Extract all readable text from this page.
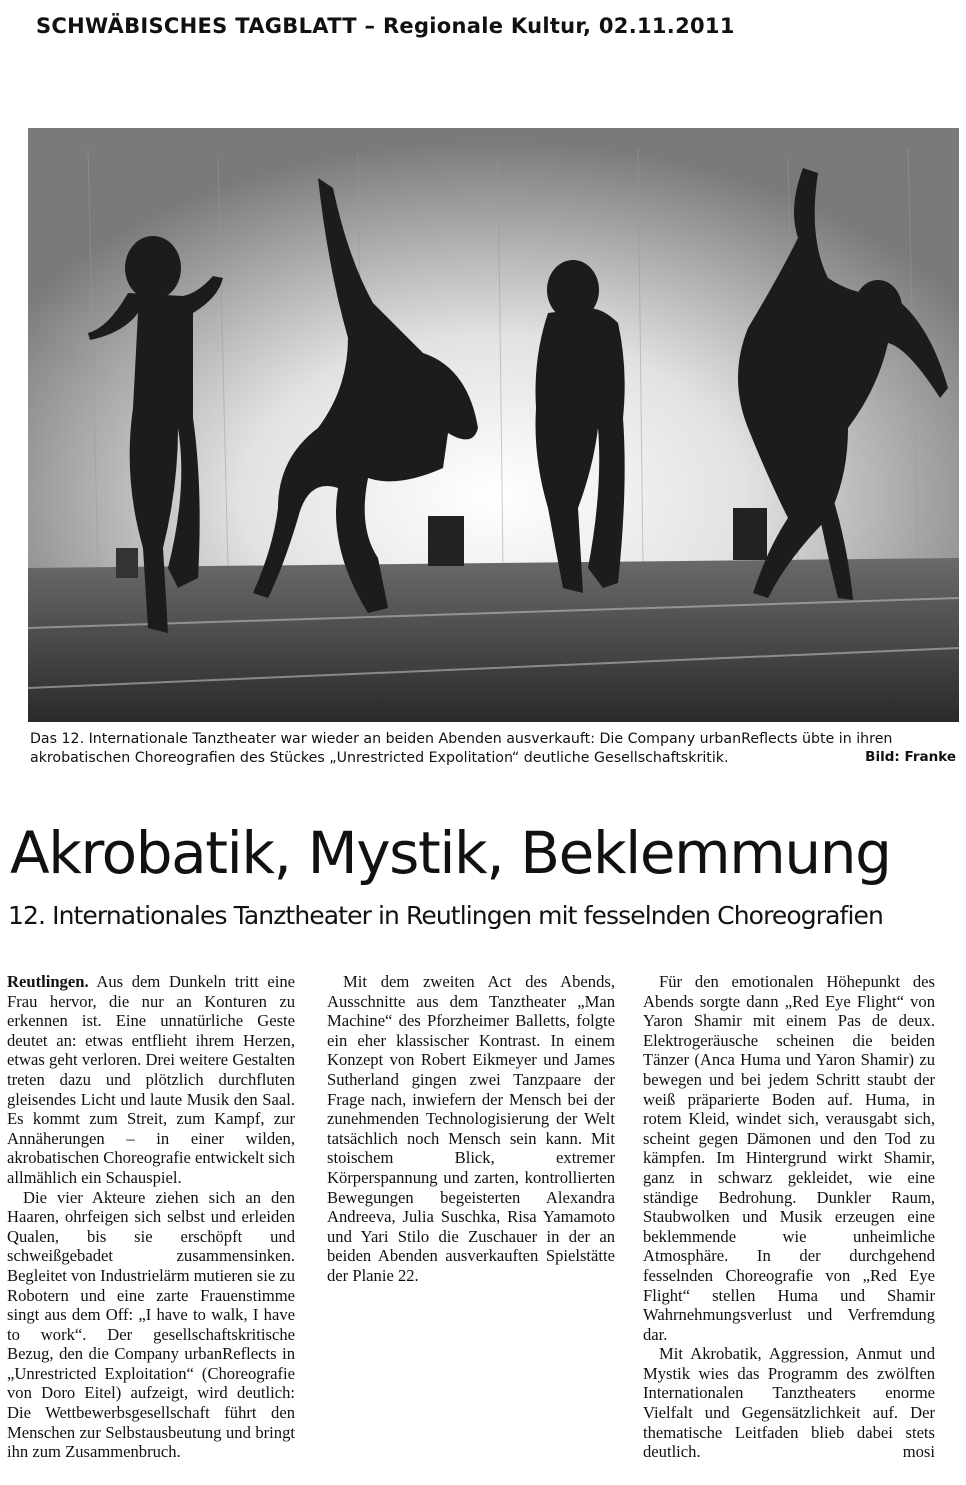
SCHWÄBISCHES TAGBLATT – Regionale Kultur, 02.11.2011
Das 12. Internationale Tanztheater war wieder an beiden Abenden ausverkauft: Die Company urbanReflects übte in ihren
akrobatischen Choreografien des Stückes „Unrestricted Expolitation“ deutliche Gesellschaftskritik.	Bild: Franke
Akrobatik, Mystik, Beklemmung
12. Internationales Tanztheater in Reutlingen mit fesselnden Choreografien

Reutlingen. Aus dem Dunkeln tritt eine Frau hervor, die nur an Konturen zu erkennen ist. Eine unnatürliche Geste deutet an: etwas entflieht ihrem Herzen, etwas geht verloren. Drei weitere Gestalten treten dazu und plötzlich durchfluten gleisendes Licht und laute Musik den Saal. Es kommt zum Streit, zum Kampf, zur Annäherungen – in einer wilden, akrobatischen Choreografie entwickelt sich allmählich ein Schauspiel.

Die vier Akteure ziehen sich an den Haaren, ohrfeigen sich selbst und erleiden Qualen, bis sie erschöpft und schweißgebadet zusammensinken. Begleitet von Industrielärm mutieren sie zu Robotern und eine zarte Frauenstimme singt aus dem Off: „I have to walk, I have to work“. Der gesellschaftskritische Bezug, den die Company urbanReflects in „Unrestricted Exploitation“ (Choreografie von Doro Eitel) aufzeigt, wird deutlich: Die Wettbewerbsgesellschaft führt den Menschen zur Selbstausbeutung und bringt ihn zum Zusammenbruch.

Mit dem zweiten Act des Abends, Ausschnitte aus dem Tanztheater „Man Machine“ des Pforzheimer Balletts, folgte ein eher klassischer Kontrast. In einem Konzept von Robert Eikmeyer und James Sutherland gingen zwei Tanzpaare der Frage nach, inwiefern der Mensch bei der zunehmenden Technologisierung der Welt tatsächlich noch Mensch sein kann. Mit stoischem Blick, extremer Körperspannung und zarten, kontrollierten Bewegungen begeisterten Alexandra Andreeva, Julia Suschka, Risa Yamamoto und Yari Stilo die Zuschauer in der an beiden Abenden ausverkauften Spielstätte der Planie 22.

Für den emotionalen Höhepunkt des Abends sorgte dann „Red Eye Flight“ von Yaron Shamir mit einem Pas de deux. Elektrogeräusche scheinen die beiden Tänzer (Anca Huma und Yaron Shamir) zu bewegen und bei jedem Schritt staubt der weiß präparierte Boden auf. Huma, in rotem Kleid, windet sich, verausgabt sich, scheint gegen Dämonen und den Tod zu kämpfen. Im Hintergrund wirkt Shamir, ganz in schwarz gekleidet, wie eine ständige Bedrohung. Dunkler Raum, Staubwolken und Musik erzeugen eine beklemmende wie unheimliche Atmosphäre. In der durchgehend fesselnden Choreografie von „Red Eye Flight“ stellen Huma und Shamir Wahrnehmungsverlust und Verfremdung dar.

Mit Akrobatik, Aggression, Anmut und Mystik wies das Programm des zwölften Internationalen Tanztheaters enorme Vielfalt und Gegensätzlichkeit auf. Der thematische Leitfaden blieb dabei stets deutlich.	mosi
